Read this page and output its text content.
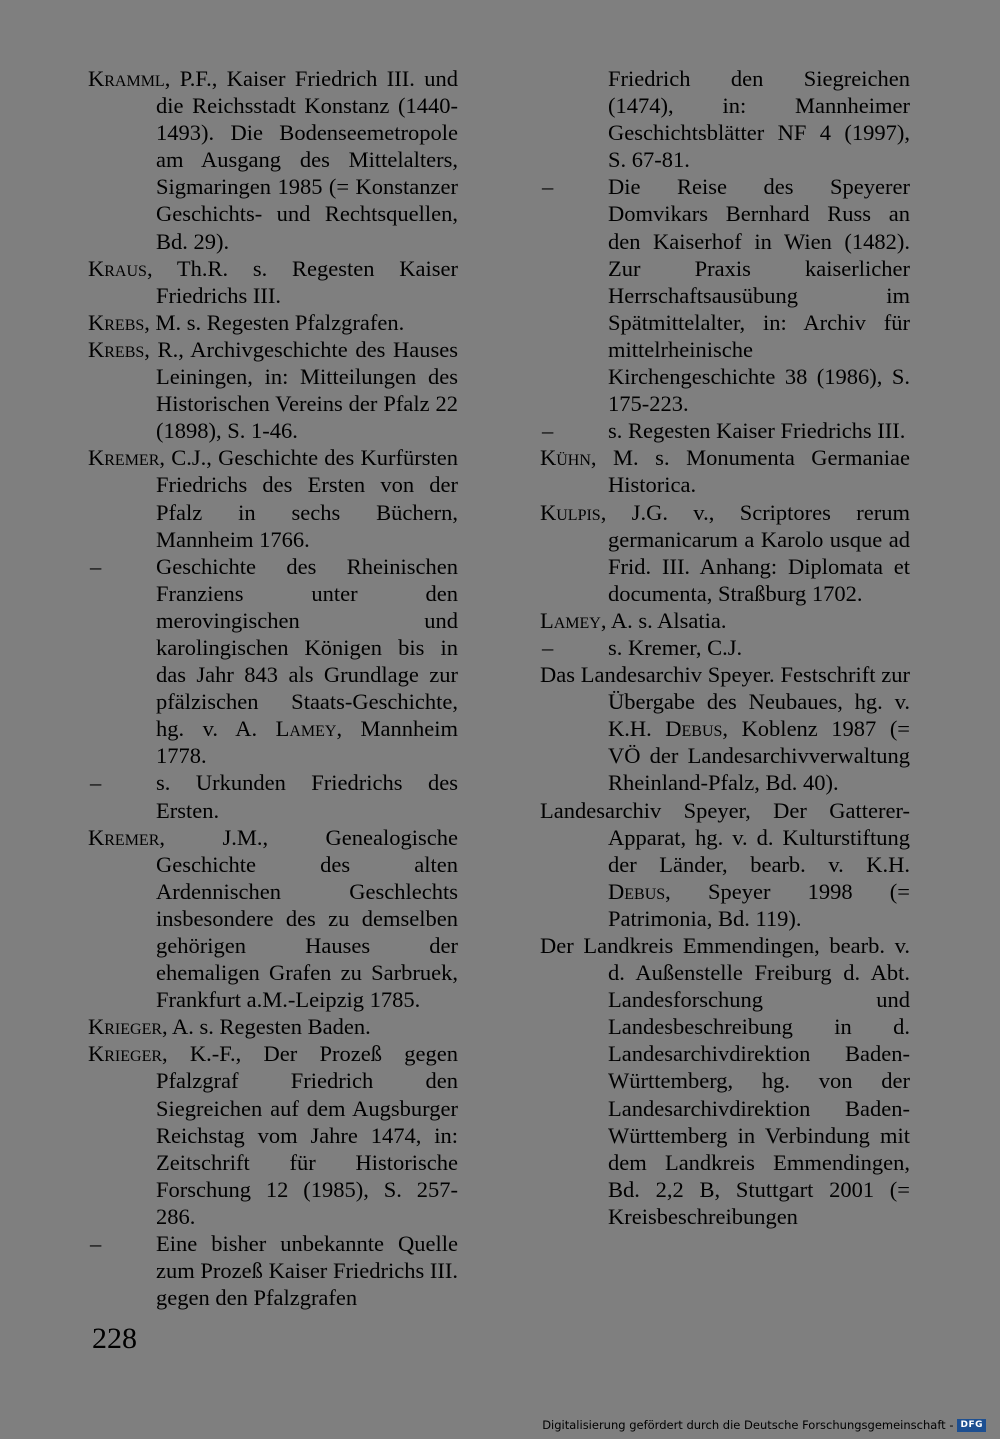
Kramml, P.F., Kaiser Friedrich III. und die Reichsstadt Konstanz (1440-1493). Die Bodenseemetropole am Ausgang des Mittelalters, Sigmaringen 1985 (= Konstanzer Geschichts- und Rechtsquellen, Bd. 29).

Kraus, Th.R. s. Regesten Kaiser Friedrichs III.

Krebs, M. s. Regesten Pfalzgrafen.

Krebs, R., Archivgeschichte des Hauses Leiningen, in: Mitteilungen des Historischen Vereins der Pfalz 22 (1898), S. 1-46.

Kremer, C.J., Geschichte des Kurfürsten Friedrichs des Ersten von der Pfalz in sechs Büchern, Mannheim 1766.

– Geschichte des Rheinischen Franziens unter den merovingischen und karolingischen Königen bis in das Jahr 843 als Grundlage zur pfälzischen Staats-Geschichte, hg. v. A. Lamey, Mannheim 1778.

– s. Urkunden Friedrichs des Ersten.

Kremer, J.M., Genealogische Geschichte des alten Ardennischen Geschlechts insbesondere des zu demselben gehörigen Hauses der ehemaligen Grafen zu Sarbruek, Frankfurt a.M.-Leipzig 1785.

Krieger, A. s. Regesten Baden.

Krieger, K.-F., Der Prozeß gegen Pfalzgraf Friedrich den Siegreichen auf dem Augsburger Reichstag vom Jahre 1474, in: Zeitschrift für Historische Forschung 12 (1985), S. 257-286.

– Eine bisher unbekannte Quelle zum Prozeß Kaiser Friedrichs III. gegen den Pfalzgrafen

Friedrich den Siegreichen (1474), in: Mannheimer Geschichtsblätter NF 4 (1997), S. 67-81.

– Die Reise des Speyerer Domvikars Bernhard Russ an den Kaiserhof in Wien (1482). Zur Praxis kaiserlicher Herrschaftsausübung im Spätmittelalter, in: Archiv für mittelrheinische Kirchengeschichte 38 (1986), S. 175-223.

– s. Regesten Kaiser Friedrichs III.

Kühn, M. s. Monumenta Germaniae Historica.

Kulpis, J.G. v., Scriptores rerum germanicarum a Karolo usque ad Frid. III. Anhang: Diplomata et documenta, Straßburg 1702.

Lamey, A. s. Alsatia.

– s. Kremer, C.J.

Das Landesarchiv Speyer. Festschrift zur Übergabe des Neubaues, hg. v. K.H. Debus, Koblenz 1987 (= VÖ der Landesarchivverwaltung Rheinland-Pfalz, Bd. 40).

Landesarchiv Speyer, Der Gatterer-Apparat, hg. v. d. Kulturstiftung der Länder, bearb. v. K.H. Debus, Speyer 1998 (= Patrimonia, Bd. 119).

Der Landkreis Emmendingen, bearb. v. d. Außenstelle Freiburg d. Abt. Landesforschung und Landesbeschreibung in d. Landesarchivdirektion Baden-Württemberg, hg. von der Landesarchivdirektion Baden-Württemberg in Verbindung mit dem Landkreis Emmendingen, Bd. 2,2 B, Stuttgart 2001 (= Kreisbeschreibungen

228
Digitalisierung gefördert durch die Deutsche Forschungsgemeinschaft - DFG
